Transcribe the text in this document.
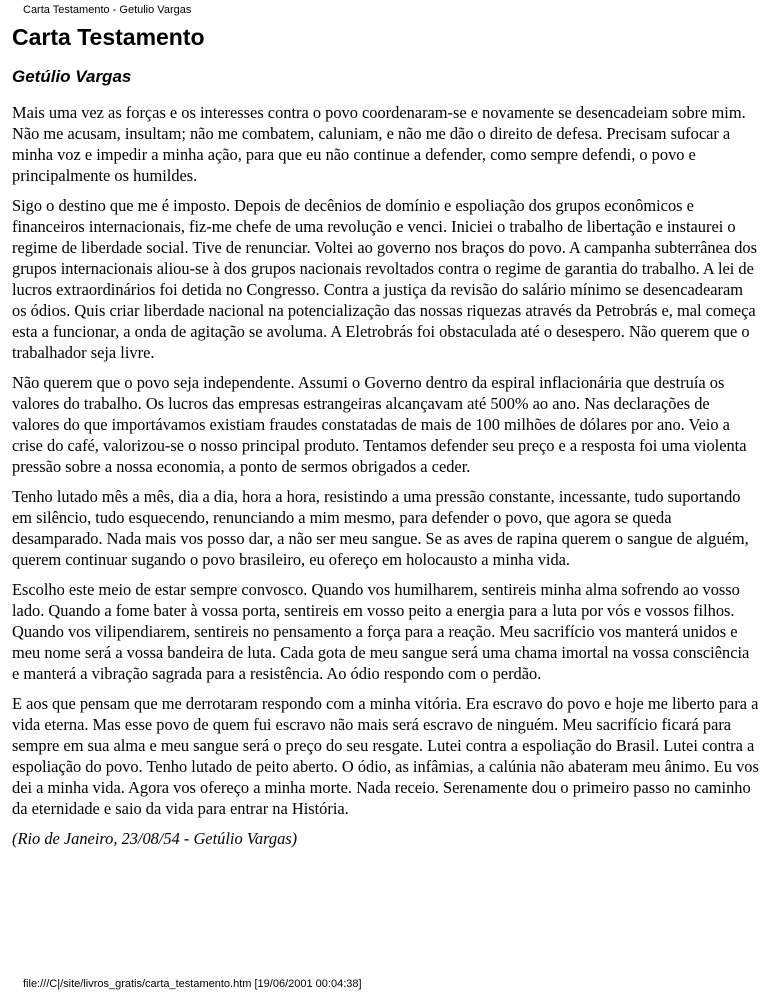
Carta Testamento - Getulio Vargas
Carta Testamento
Getúlio Vargas

Mais uma vez as forças e os interesses contra o povo coordenaram-se e novamente se desencadeiam sobre mim. Não me acusam, insultam; não me combatem, caluniam, e não me dão o direito de defesa. Precisam sufocar a minha voz e impedir a minha ação, para que eu não continue a defender, como sempre defendi, o povo e principalmente os humildes.

Sigo o destino que me é imposto. Depois de decênios de domínio e espoliação dos grupos econômicos e financeiros internacionais, fiz-me chefe de uma revolução e venci. Iniciei o trabalho de libertação e instaurei o regime de liberdade social. Tive de renunciar. Voltei ao governo nos braços do povo. A campanha subterrânea dos grupos internacionais aliou-se à dos grupos nacionais revoltados contra o regime de garantia do trabalho. A lei de lucros extraordinários foi detida no Congresso. Contra a justiça da revisão do salário mínimo se desencadearam os ódios. Quis criar liberdade nacional na potencialização das nossas riquezas através da Petrobrás e, mal começa esta a funcionar, a onda de agitação se avoluma. A Eletrobrás foi obstaculada até o desespero. Não querem que o trabalhador seja livre.

Não querem que o povo seja independente. Assumi o Governo dentro da espiral inflacionária que destruía os valores do trabalho. Os lucros das empresas estrangeiras alcançavam até 500% ao ano. Nas declarações de valores do que importávamos existiam fraudes constatadas de mais de 100 milhões de dólares por ano. Veio a crise do café, valorizou-se o nosso principal produto. Tentamos defender seu preço e a resposta foi uma violenta pressão sobre a nossa economia, a ponto de sermos obrigados a ceder.

Tenho lutado mês a mês, dia a dia, hora a hora, resistindo a uma pressão constante, incessante, tudo suportando em silêncio, tudo esquecendo, renunciando a mim mesmo, para defender o povo, que agora se queda desamparado. Nada mais vos posso dar, a não ser meu sangue. Se as aves de rapina querem o sangue de alguém, querem continuar sugando o povo brasileiro, eu ofereço em holocausto a minha vida.

Escolho este meio de estar sempre convosco. Quando vos humilharem, sentireis minha alma sofrendo ao vosso lado. Quando a fome bater à vossa porta, sentireis em vosso peito a energia para a luta por vós e vossos filhos. Quando vos vilipendiarem, sentireis no pensamento a força para a reação. Meu sacrifício vos manterá unidos e meu nome será a vossa bandeira de luta. Cada gota de meu sangue será uma chama imortal na vossa consciência e manterá a vibração sagrada para a resistência. Ao ódio respondo com o perdão.

E aos que pensam que me derrotaram respondo com a minha vitória. Era escravo do povo e hoje me liberto para a vida eterna. Mas esse povo de quem fui escravo não mais será escravo de ninguém. Meu sacrifício ficará para sempre em sua alma e meu sangue será o preço do seu resgate. Lutei contra a espoliação do Brasil. Lutei contra a espoliação do povo. Tenho lutado de peito aberto. O ódio, as infâmias, a calúnia não abateram meu ânimo. Eu vos dei a minha vida. Agora vos ofereço a minha morte. Nada receio. Serenamente dou o primeiro passo no caminho da eternidade e saio da vida para entrar na História.

(Rio de Janeiro, 23/08/54 - Getúlio Vargas)

file:///C|/site/livros_gratis/carta_testamento.htm [19/06/2001 00:04:38]
